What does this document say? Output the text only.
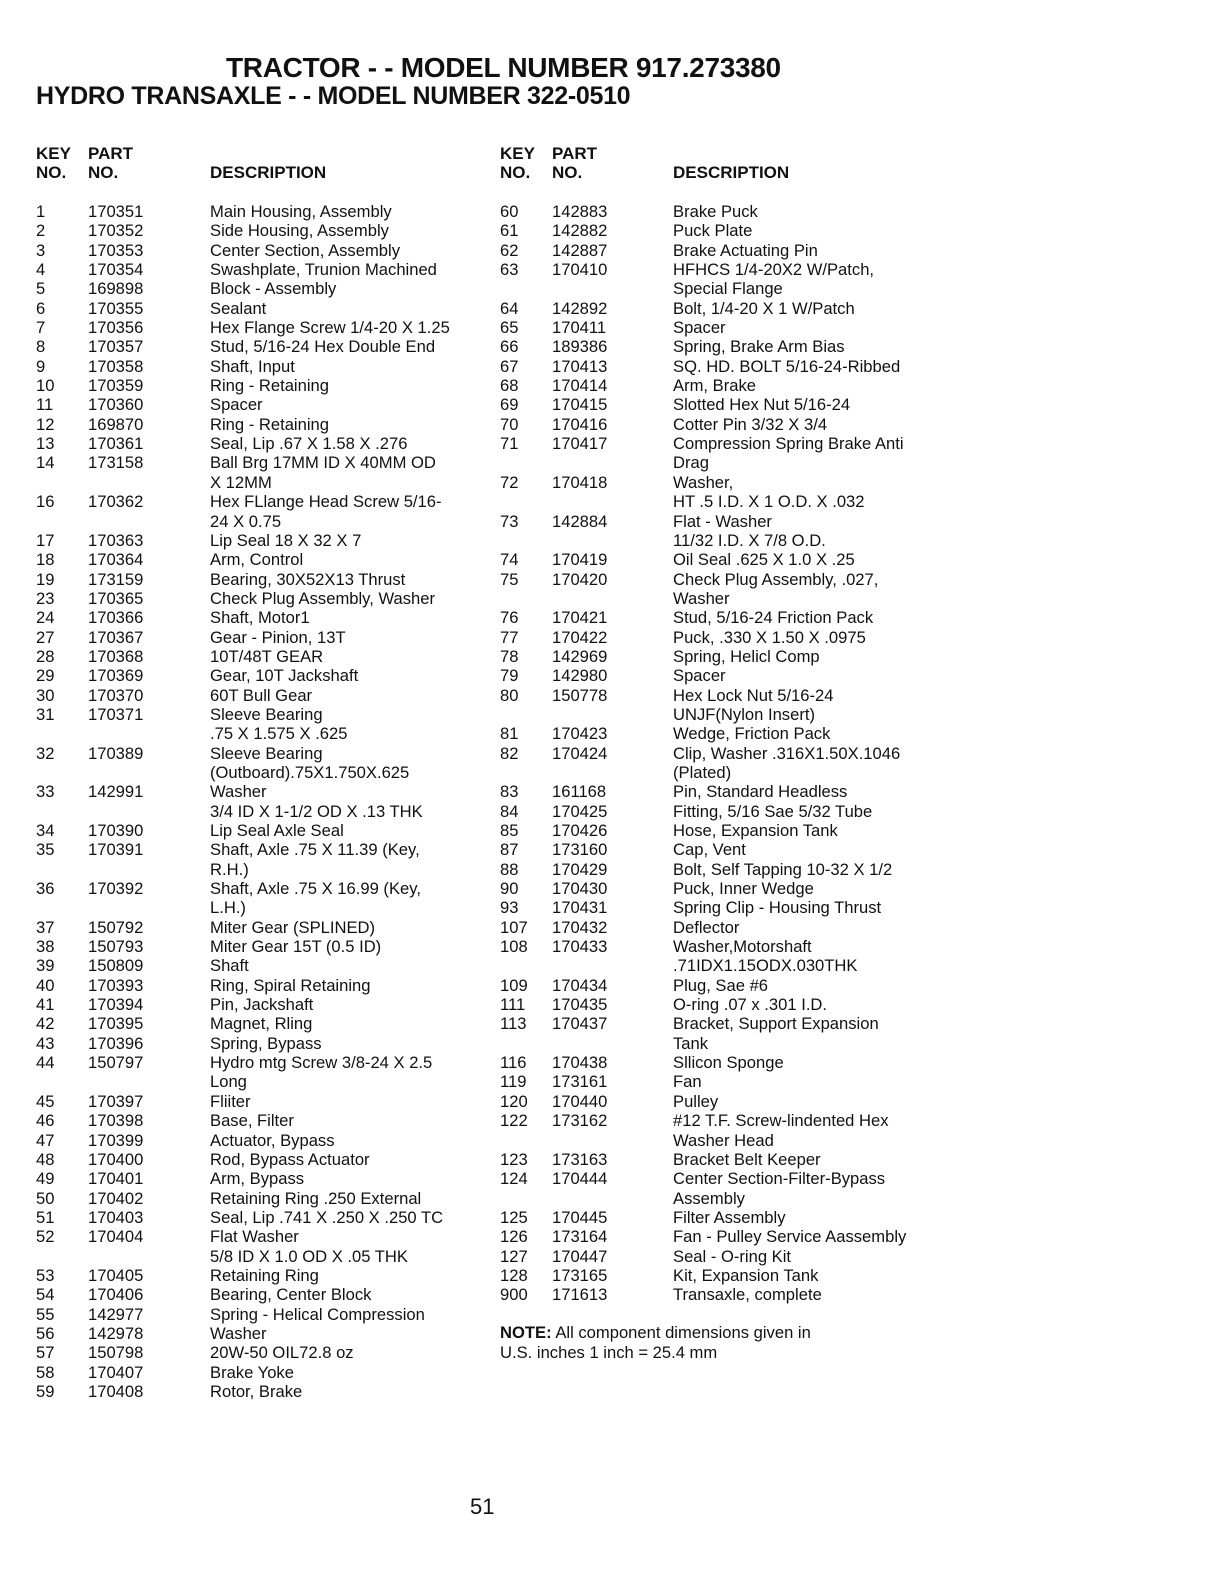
TRACTOR - - MODEL NUMBER 917.273380
HYDRO TRANSAXLE - - MODEL NUMBER 322-0510
KEY
NO.
PART
NO.	DESCRIPTION
1	170351	Main Housing, Assembly
2	170352	Side Housing, Assembly
3	170353	Center Section, Assembly
4	170354	Swashplate, Trunion Machined
5	169898	Block - Assembly
6	170355	Sealant
7	170356	Hex Flange Screw 1/4-20 X 1.25
8	170357	Stud, 5/16-24 Hex Double End
9	170358	Shaft, Input
10 170359	Ring - Retaining
11 170360	Spacer
12 169870	Ring - Retaining
13 170361	Seal, Lip .67 X 1.58 X .276
14 173158	Ball Brg 17MM ID X 40MM OD
X 12MM
16 170362	Hex FLlange Head Screw 5/16-
24 X 0.75
17 170363	Lip Seal 18 X 32 X 7
18 170364	Arm, Control
19 173159	Bearing, 30X52X13 Thrust
23 170365	Check Plug Assembly, Washer
24 170366	Shaft, Motor1
27 170367	Gear - Pinion, 13T
28 170368	10T/48T GEAR
29 170369	Gear, 10T Jackshaft
30 170370	60T Bull Gear
31 170371	Sleeve Bearing
.75 X 1.575 X .625
32 170389	Sleeve Bearing
(Outboard).75X1.750X.625
33 142991	Washer
3/4 ID X 1-1/2 OD X .13 THK
34 170390	Lip Seal Axle Seal
35 170391	Shaft, Axle .75 X 11.39 (Key,
R.H.)
36 170392	Shaft, Axle .75 X 16.99 (Key,
L.H.)
37 150792	Miter Gear (SPLINED)
38 150793	Miter Gear 15T (0.5 ID)
39 150809	Shaft
40 170393	Ring, Spiral Retaining
41 170394	Pin, Jackshaft
42 170395	Magnet, Rling
43 170396	Spring, Bypass
44 150797	Hydro mtg Screw 3/8-24 X 2.5
Long
45 170397	Fliiter
46 170398	Base, Filter
47 170399	Actuator, Bypass
48 170400	Rod, Bypass Actuator
49 170401	Arm, Bypass
50 170402	Retaining Ring .250 External
51 170403	Seal, Lip .741 X .250 X .250 TC
52 170404	Flat Washer
5/8 ID X 1.0 OD X .05 THK
53 170405	Retaining Ring
54 170406	Bearing, Center Block
55 142977	Spring - Helical Compression
56 142978	Washer
57 150798	20W-50 OIL72.8 oz
58 170407	Brake Yoke
59 170408	Rotor, Brake
KEY
NO.
PART
NO.	DESCRIPTION
60 142883	Brake Puck
61 142882	Puck Plate
62 142887	Brake Actuating Pin
63 170410	HFHCS 1/4-20X2 W/Patch,
Special Flange
64 142892	Bolt, 1/4-20 X 1 W/Patch
65 170411	Spacer
66 189386	Spring, Brake Arm Bias
67 170413	SQ. HD. BOLT 5/16-24-Ribbed
68 170414	Arm, Brake
69 170415	Slotted Hex Nut 5/16-24
70 170416	Cotter Pin 3/32 X 3/4
71 170417	Compression Spring Brake Anti
Drag
72 170418	Washer,
HT .5 I.D. X 1 O.D. X .032
73 142884	Flat - Washer
11/32 I.D. X 7/8 O.D.
74 170419	Oil Seal .625 X 1.0 X .25
75 170420	Check Plug Assembly, .027,
Washer
76 170421	Stud, 5/16-24 Friction Pack
77 170422	Puck, .330 X 1.50 X .0975
78 142969	Spring, Helicl Comp
79 142980	Spacer
80 150778	Hex Lock Nut 5/16-24
UNJF(Nylon Insert)
81 170423	Wedge, Friction Pack
82 170424	Clip, Washer .316X1.50X.1046
(Plated)
83 161168	Pin, Standard Headless
84 170425	Fitting, 5/16 Sae 5/32 Tube
85 170426	Hose, Expansion Tank
87 173160	Cap, Vent
88 170429	Bolt, Self Tapping 10-32 X 1/2
90 170430	Puck, Inner Wedge
93 170431	Spring Clip - Housing Thrust
107 170432	Deflector
108 170433	Washer,Motorshaft
.71IDX1.15ODX.030THK
109 170434	Plug, Sae #6
111 170435	O-ring .07 x .301 I.D.
113 170437	Bracket, Support Expansion
Tank
116 170438	Sllicon Sponge
119 173161	Fan
120 170440	Pulley
122 173162	#12 T.F. Screw-lindented Hex
Washer Head
123 173163	Bracket Belt Keeper
124 170444	Center Section-Filter-Bypass
Assembly
125 170445	Filter Assembly
126 173164	Fan - Pulley Service Aassembly
127 170447	Seal - O-ring Kit
128 173165	Kit, Expansion Tank
900 171613	Transaxle, complete
NOTE: All component dimensions given in
U.S. inches 1 inch = 25.4 mm
51
